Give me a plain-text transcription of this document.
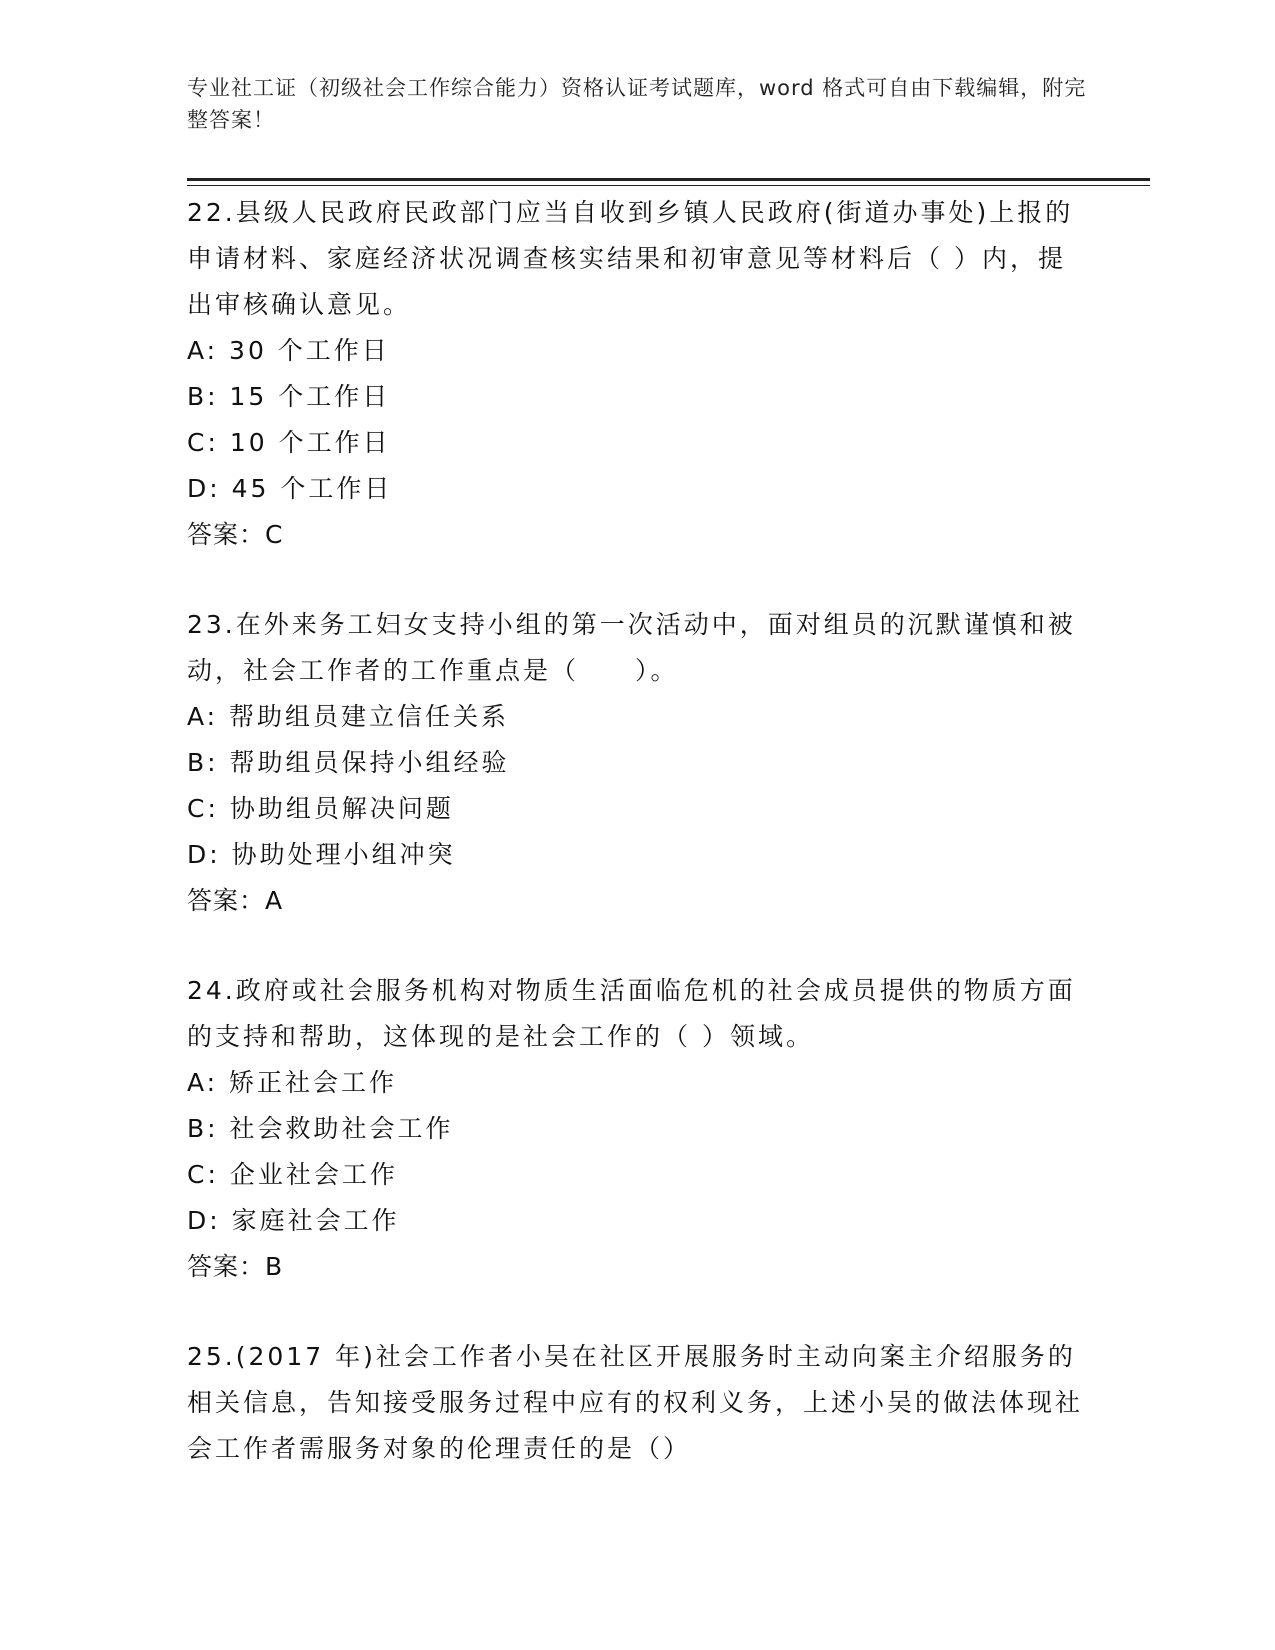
专业社工证（初级社会工作综合能力）资格认证考试题库，word 格式可自由下载编辑，附完整答案！

22.县级人民政府民政部门应当自收到乡镇人民政府(街道办事处)上报的申请材料、家庭经济状况调查核实结果和初审意见等材料后（ ）内，提出审核确认意见。

A: 30 个工作日
B: 15 个工作日
C: 10 个工作日
D: 45 个工作日
答案：C

23.在外来务工妇女支持小组的第一次活动中，面对组员的沉默谨慎和被动，社会工作者的工作重点是（　　）。

A: 帮助组员建立信任关系
B: 帮助组员保持小组经验
C: 协助组员解决问题
D: 协助处理小组冲突
答案：A

24.政府或社会服务机构对物质生活面临危机的社会成员提供的物质方面的支持和帮助，这体现的是社会工作的（ ）领域。

A: 矫正社会工作
B: 社会救助社会工作
C: 企业社会工作
D: 家庭社会工作
答案：B

25.(2017 年)社会工作者小吴在社区开展服务时主动向案主介绍服务的相关信息，告知接受服务过程中应有的权利义务，上述小吴的做法体现社会工作者需服务对象的伦理责任的是（）
